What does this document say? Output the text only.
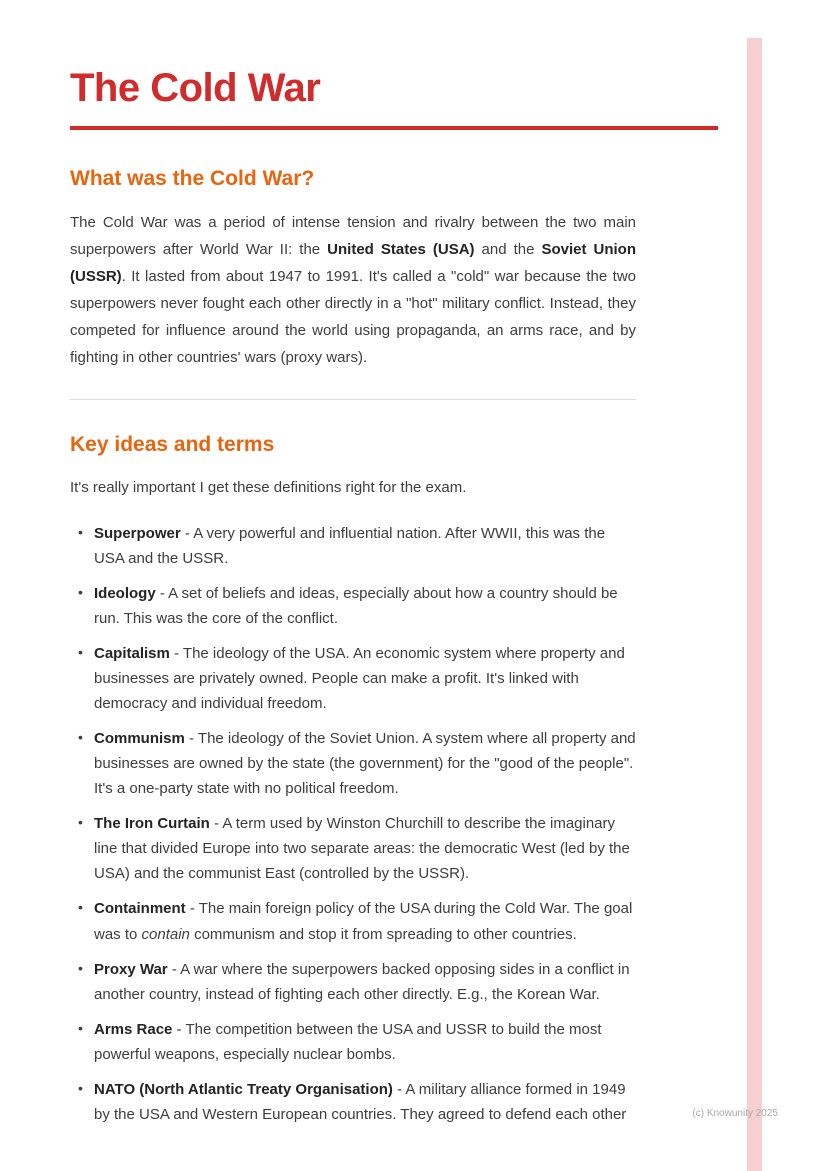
The Cold War
What was the Cold War?

The Cold War was a period of intense tension and rivalry between the two main superpowers after World War II: the United States (USA) and the Soviet Union (USSR). It lasted from about 1947 to 1991. It's called a "cold" war because the two superpowers never fought each other directly in a "hot" military conflict. Instead, they competed for influence around the world using propaganda, an arms race, and by fighting in other countries' wars (proxy wars).

Key ideas and terms

It's really important I get these definitions right for the exam.

• Superpower - A very powerful and influential nation. After WWII, this was the USA and the USSR.
• Ideology - A set of beliefs and ideas, especially about how a country should be run. This was the core of the conflict.
• Capitalism - The ideology of the USA. An economic system where property and businesses are privately owned. People can make a profit. It's linked with democracy and individual freedom.
• Communism - The ideology of the Soviet Union. A system where all property and businesses are owned by the state (the government) for the "good of the people". It's a one-party state with no political freedom.
• The Iron Curtain - A term used by Winston Churchill to describe the imaginary line that divided Europe into two separate areas: the democratic West (led by the USA) and the communist East (controlled by the USSR).
• Containment - The main foreign policy of the USA during the Cold War. The goal was to contain communism and stop it from spreading to other countries.
• Proxy War - A war where the superpowers backed opposing sides in a conflict in another country, instead of fighting each other directly. E.g., the Korean War.
• Arms Race - The competition between the USA and USSR to build the most powerful weapons, especially nuclear bombs.
• NATO (North Atlantic Treaty Organisation) - A military alliance formed in 1949 by the USA and Western European countries. They agreed to defend each other	(c) Knowunity 2025
